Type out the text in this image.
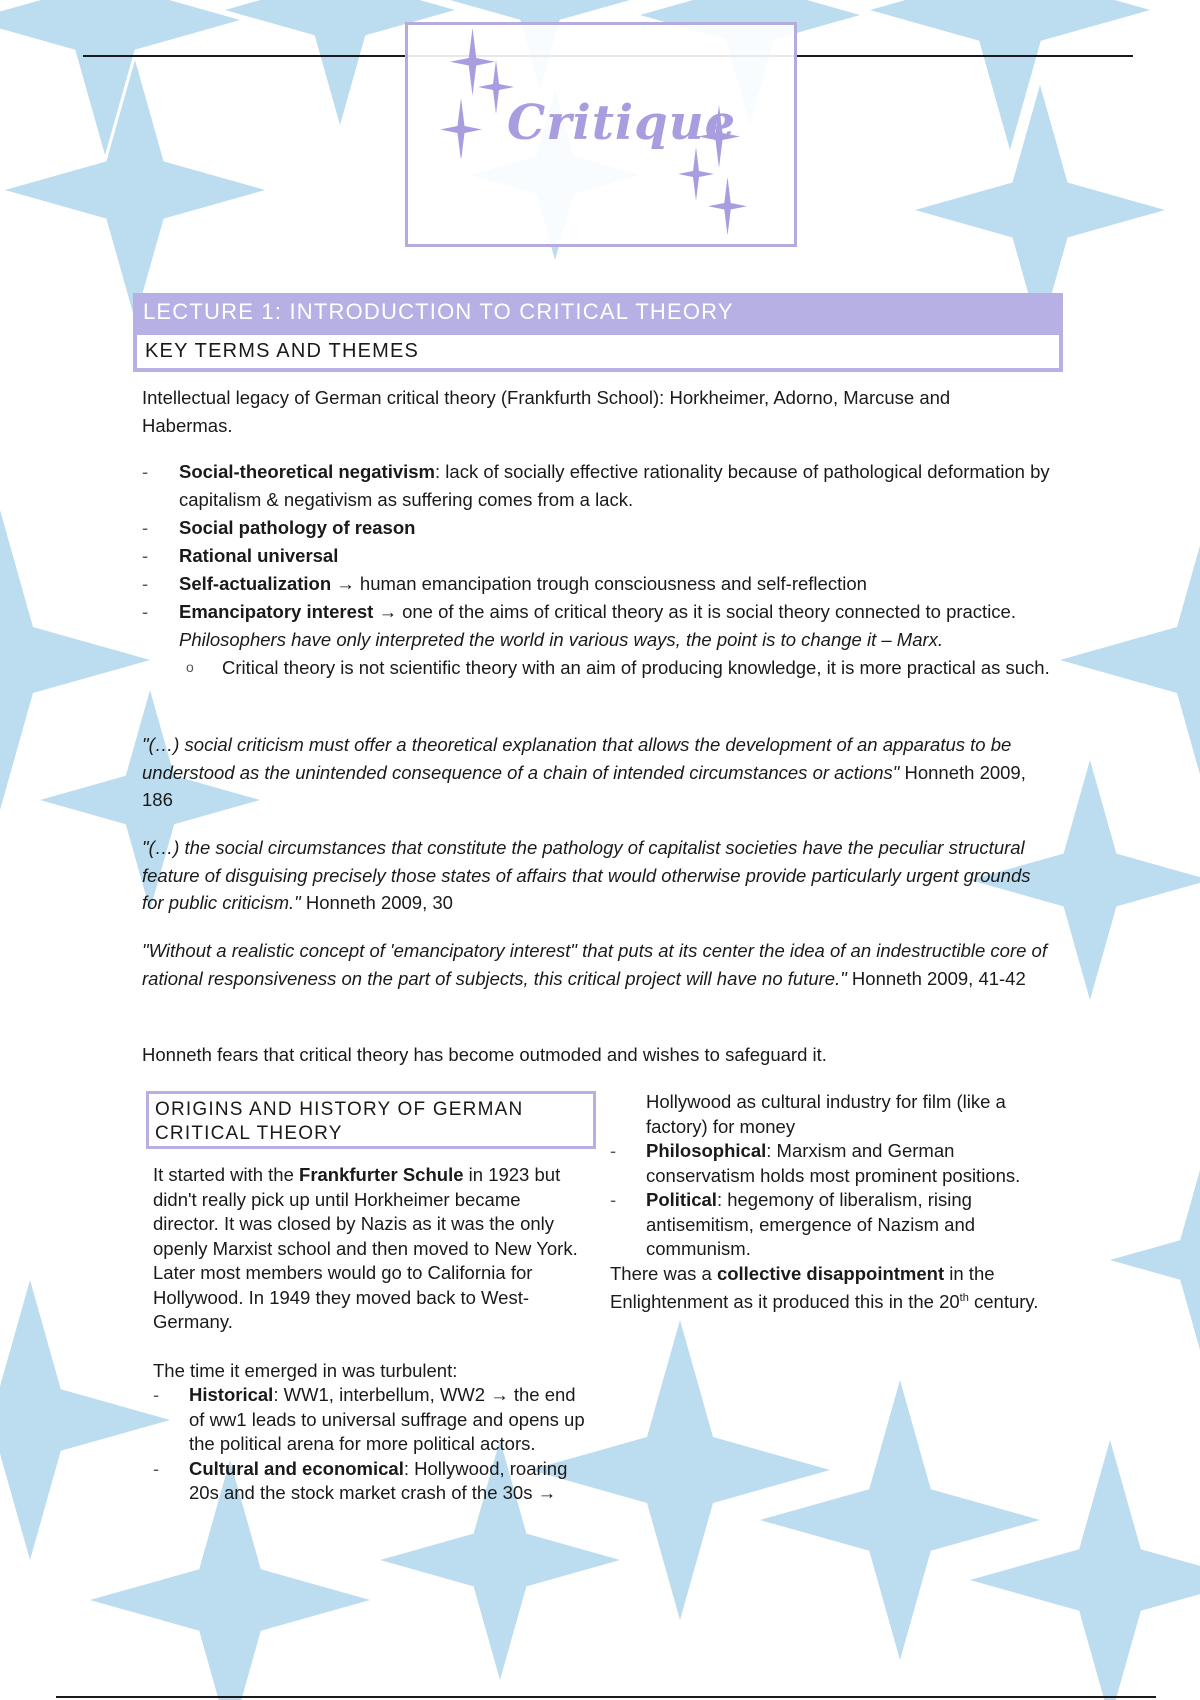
Critique
LECTURE 1: INTRODUCTION TO CRITICAL THEORY
KEY TERMS AND THEMES
Intellectual legacy of German critical theory (Frankfurth School): Horkheimer, Adorno, Marcuse and Habermas.
- Social-theoretical negativism: lack of socially effective rationality because of pathological deformation by capitalism & negativism as suffering comes from a lack.
- Social pathology of reason
- Rational universal
- Self-actualization → human emancipation trough consciousness and self-reflection
- Emancipatory interest → one of the aims of critical theory as it is social theory connected to practice. Philosophers have only interpreted the world in various ways, the point is to change it – Marx.
o Critical theory is not scientific theory with an aim of producing knowledge, it is more practical as such.
"(…) social criticism must offer a theoretical explanation that allows the development of an apparatus to be understood as the unintended consequence of a chain of intended circumstances or actions" Honneth 2009, 186
"(…) the social circumstances that constitute the pathology of capitalist societies have the peculiar structural feature of disguising precisely those states of affairs that would otherwise provide particularly urgent grounds for public criticism." Honneth 2009, 30
"Without a realistic concept of 'emancipatory interest" that puts at its center the idea of an indestructible core of rational responsiveness on the part of subjects, this critical project will have no future." Honneth 2009, 41-42
Honneth fears that critical theory has become outmoded and wishes to safeguard it.
ORIGINS AND HISTORY OF GERMAN CRITICAL THEORY
It started with the Frankfurter Schule in 1923 but didn't really pick up until Horkheimer became director. It was closed by Nazis as it was the only openly Marxist school and then moved to New York. Later most members would go to California for Hollywood. In 1949 they moved back to West-Germany.
The time it emerged in was turbulent:
- Historical: WW1, interbellum, WW2 → the end of ww1 leads to universal suffrage and opens up the political arena for more political actors.
- Cultural and economical: Hollywood, roaring 20s and the stock market crash of the 30s →
Hollywood as cultural industry for film (like a factory) for money
- Philosophical: Marxism and German conservatism holds most prominent positions.
- Political: hegemony of liberalism, rising antisemitism, emergence of Nazism and communism.
There was a collective disappointment in the Enlightenment as it produced this in the 20th century.
